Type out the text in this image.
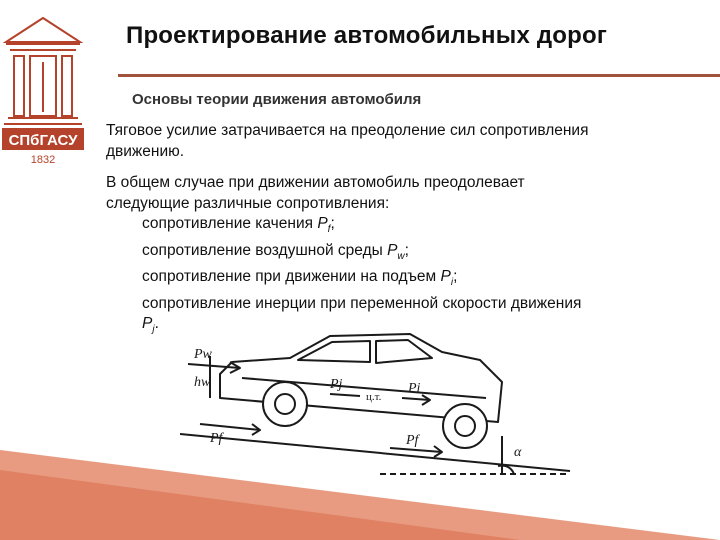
СПбГАСУ
1832
Проектирование автомобильных дорог
Основы теории движения автомобиля
Тяговое усилие затрачивается на преодоление сил сопротивления
движению.
В общем случае при движении автомобиль преодолевает
следующие различные сопротивления:
сопротивление качения $P_f$;
сопротивление воздушной среды $P_w$;
сопротивление при движении на подъем $P_i$;
сопротивление инерции при переменной скорости движения
$P_j$.
Pw
hw	Pj
ц.т.
Pi
Pf	Pf
α
